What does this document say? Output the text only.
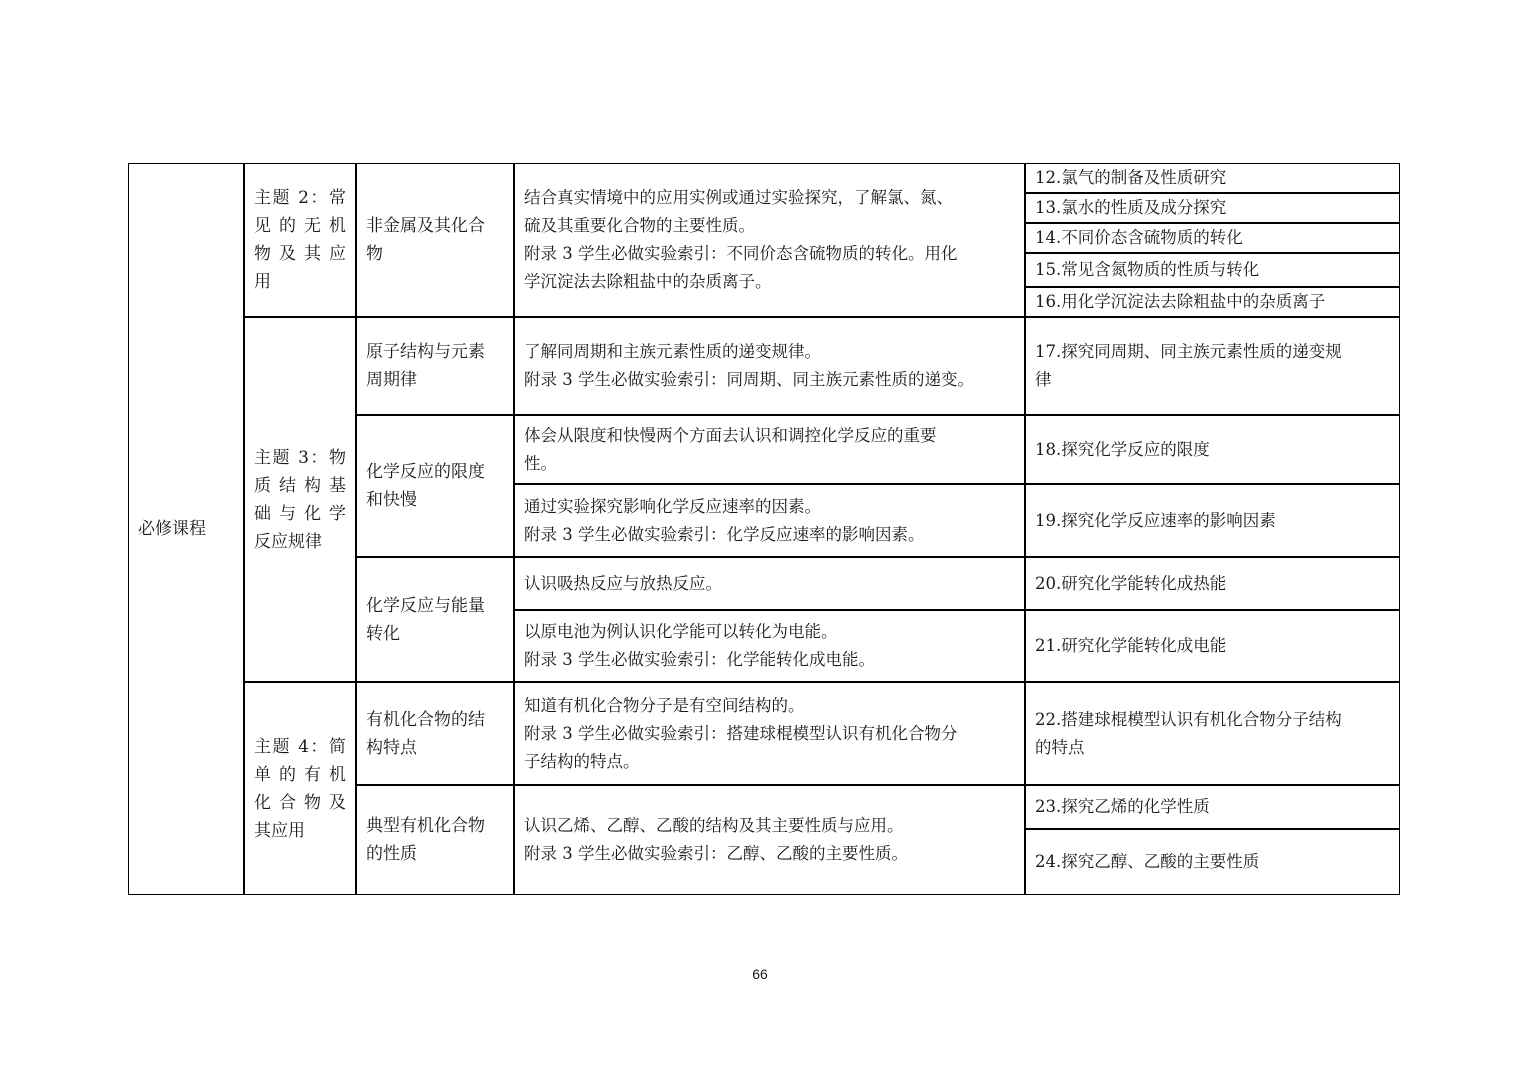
必修课程
主题 2：常
见 的 无 机
物 及 其 应
用
主题 3：物
质 结 构 基
础 与 化 学
反应规律
主题 4：简
单 的 有 机
化 合 物 及
其应用
非金属及其化合
物
原子结构与元素
周期律
化学反应的限度
和快慢
化学反应与能量
转化
有机化合物的结
构特点
典型有机化合物
的性质
结合真实情境中的应用实例或通过实验探究，了解氯、氮、
硫及其重要化合物的主要性质。
附录 3 学生必做实验索引：不同价态含硫物质的转化。用化
学沉淀法去除粗盐中的杂质离子。
了解同周期和主族元素性质的递变规律。
附录 3 学生必做实验索引：同周期、同主族元素性质的递变。
体会从限度和快慢两个方面去认识和调控化学反应的重要
性。
通过实验探究影响化学反应速率的因素。
附录 3 学生必做实验索引：化学反应速率的影响因素。
认识吸热反应与放热反应。
以原电池为例认识化学能可以转化为电能。
附录 3 学生必做实验索引：化学能转化成电能。
知道有机化合物分子是有空间结构的。
附录 3 学生必做实验索引：搭建球棍模型认识有机化合物分
子结构的特点。
认识乙烯、乙醇、乙酸的结构及其主要性质与应用。
附录 3 学生必做实验索引：乙醇、乙酸的主要性质。
12.氯气的制备及性质研究
13.氯水的性质及成分探究
14.不同价态含硫物质的转化
15.常见含氮物质的性质与转化
16.用化学沉淀法去除粗盐中的杂质离子
17.探究同周期、同主族元素性质的递变规
律
18.探究化学反应的限度
19.探究化学反应速率的影响因素
20.研究化学能转化成热能
21.研究化学能转化成电能
22.搭建球棍模型认识有机化合物分子结构
的特点
23.探究乙烯的化学性质
24.探究乙醇、乙酸的主要性质
66
